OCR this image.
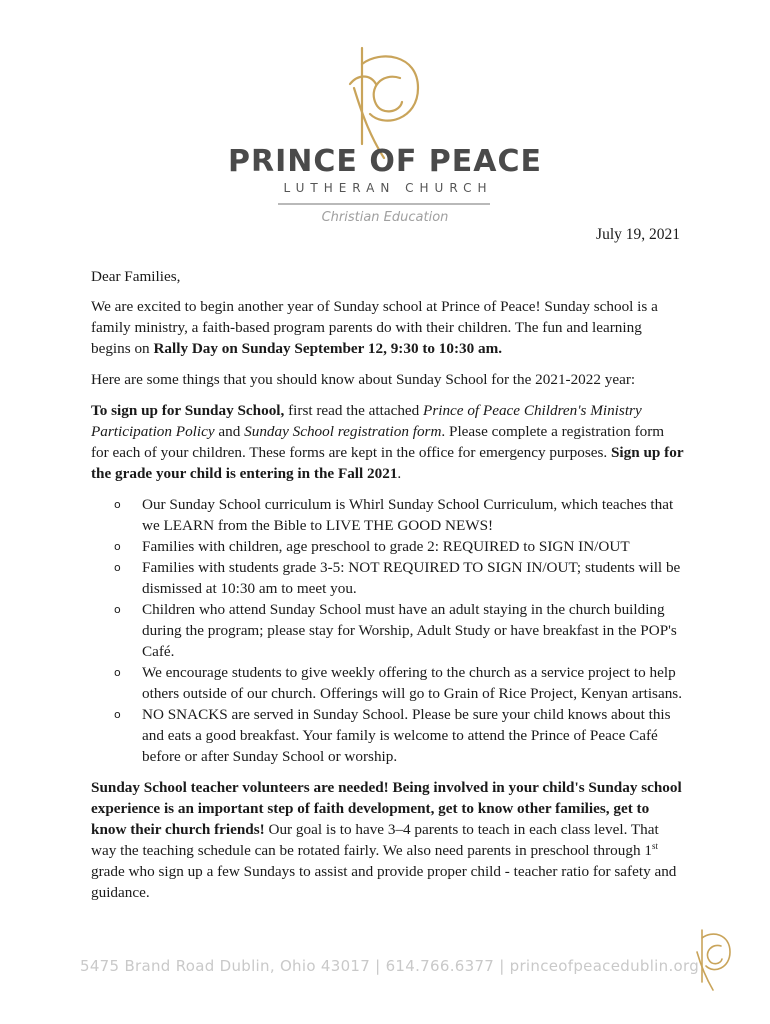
PRINCE OF PEACE
LUTHERAN CHURCH
Christian Education
July 19, 2021

Dear Families,

We are excited to begin another year of Sunday school at Prince of Peace! Sunday school is a family ministry, a faith-based program parents do with their children. The fun and learning begins on Rally Day on Sunday September 12, 9:30 to 10:30 am.

Here are some things that you should know about Sunday School for the 2021-2022 year:

To sign up for Sunday School, first read the attached Prince of Peace Children's Ministry Participation Policy and Sunday School registration form. Please complete a registration form for each of your children. These forms are kept in the office for emergency purposes. Sign up for the grade your child is entering in the Fall 2021.

o Our Sunday School curriculum is Whirl Sunday School Curriculum, which teaches that we LEARN from the Bible to LIVE THE GOOD NEWS!
o Families with children, age preschool to grade 2: REQUIRED to SIGN IN/OUT
o Families with students grade 3-5: NOT REQUIRED TO SIGN IN/OUT; students will be dismissed at 10:30 am to meet you.
o Children who attend Sunday School must have an adult staying in the church building during the program; please stay for Worship, Adult Study or have breakfast in the POP's Café.
o We encourage students to give weekly offering to the church as a service project to help others outside of our church. Offerings will go to Grain of Rice Project, Kenyan artisans.
o NO SNACKS are served in Sunday School. Please be sure your child knows about this and eats a good breakfast. Your family is welcome to attend the Prince of Peace Café before or after Sunday School or worship.

Sunday School teacher volunteers are needed! Being involved in your child's Sunday school experience is an important step of faith development, get to know other families, get to know their church friends! Our goal is to have 3–4 parents to teach in each class level. That way the teaching schedule can be rotated fairly. We also need parents in preschool through 1st grade who sign up a few Sundays to assist and provide proper child - teacher ratio for safety and guidance.

5475 Brand Road Dublin, Ohio 43017 | 614.766.6377 | princeofpeacedublin.org
